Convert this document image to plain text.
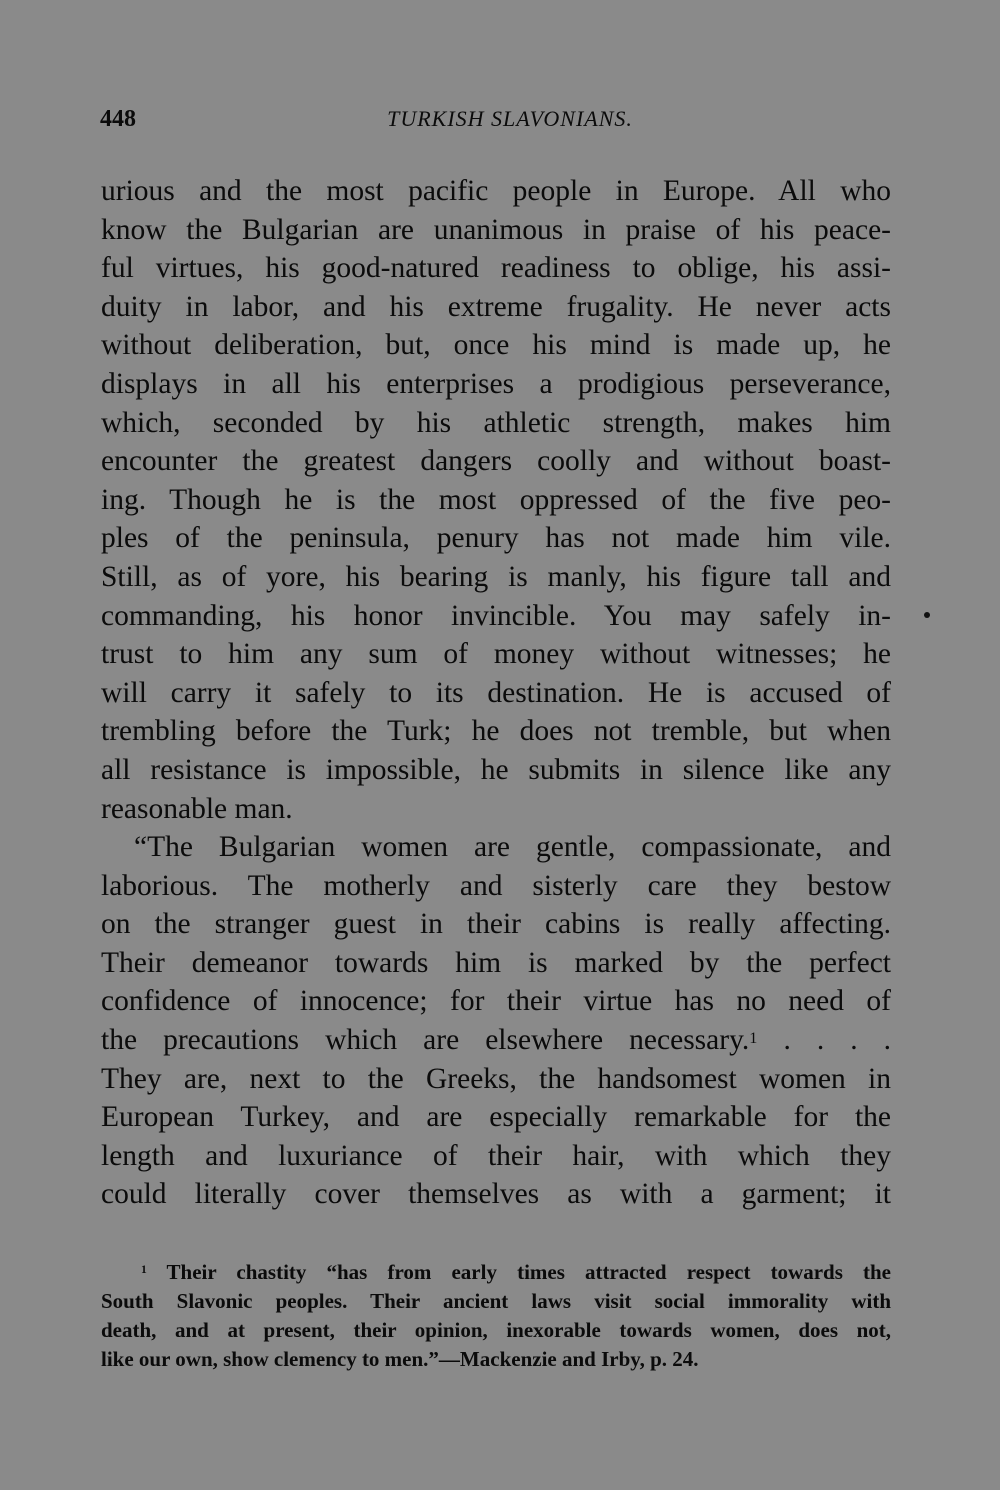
448	TURKISH SLAVONIANS.
urious and the most pacific people in Europe. All who
know the Bulgarian are unanimous in praise of his peace-
ful virtues, his good-natured readiness to oblige, his assi-
duity in labor, and his extreme frugality. He never acts
without deliberation, but, once his mind is made up, he
displays in all his enterprises a prodigious perseverance,
which, seconded by his athletic strength, makes him
encounter the greatest dangers coolly and without boast-
ing. Though he is the most oppressed of the five peo-
ples of the peninsula, penury has not made him vile.
Still, as of yore, his bearing is manly, his figure tall and
commanding, his honor invincible. You may safely in-
trust to him any sum of money without witnesses; he
will carry it safely to its destination. He is accused of
trembling before the Turk; he does not tremble, but when
all resistance is impossible, he submits in silence like any
reasonable man.
“The Bulgarian women are gentle, compassionate, and
laborious. The motherly and sisterly care they bestow
on the stranger guest in their cabins is really affecting.
Their demeanor towards him is marked by the perfect
confidence of innocence; for their virtue has no need of
the precautions which are elsewhere necessary.$^1$ . . . .
They are, next to the Greeks, the handsomest women in
European Turkey, and are especially remarkable for the
length and luxuriance of their hair, with which they
could literally cover themselves as with a garment; it
$^1$ Their chastity “has from early times attracted respect towards the
South Slavonic peoples. Their ancient laws visit social immorality with
death, and at present, their opinion, inexorable towards women, does not,
like our own, show clemency to men.”—Mackenzie and Irby, p. 24.
